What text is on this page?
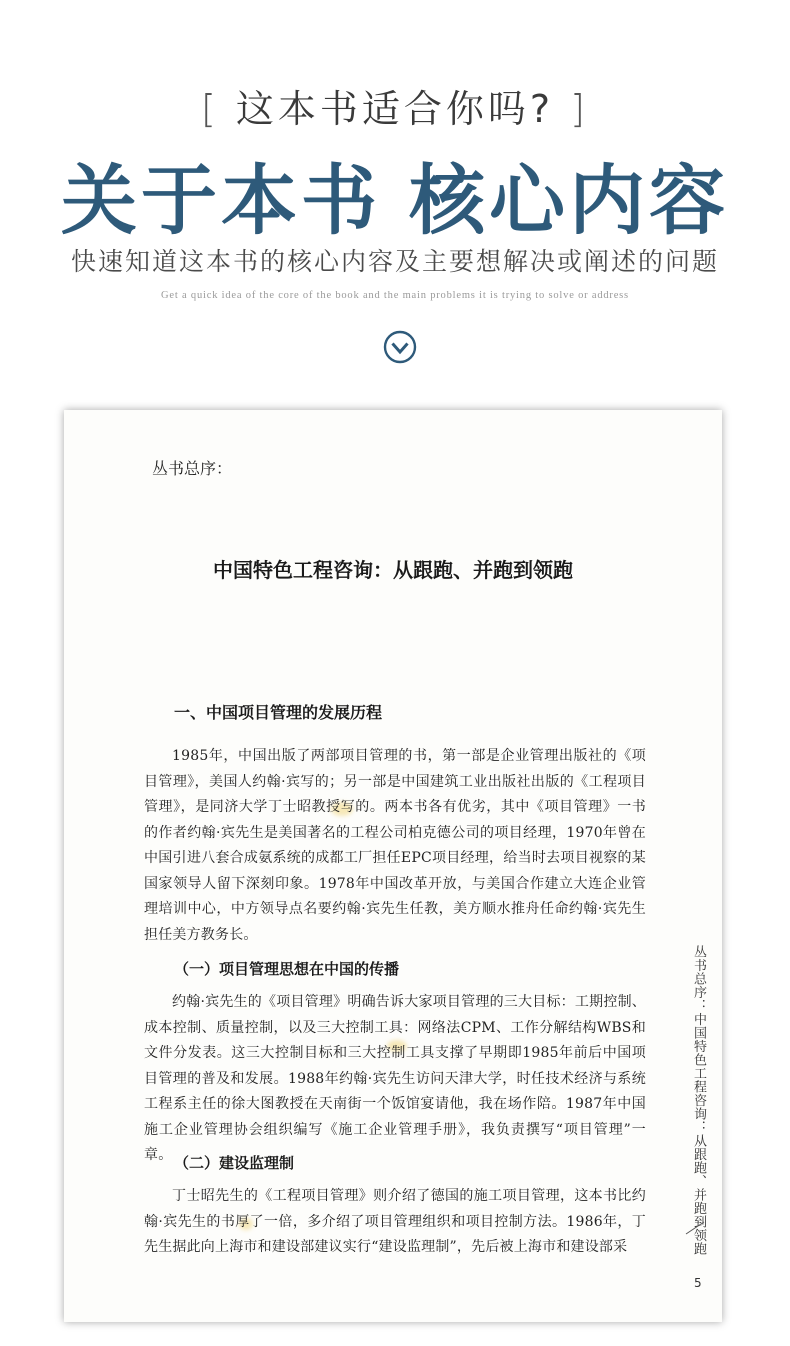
[ 这本书适合你吗? ]
关于本书 核心内容
快速知道这本书的核心内容及主要想解决或阐述的问题
Get a quick idea of the core of the book and the main problems it is trying to solve or address
丛书总序：
中国特色工程咨询：从跟跑、并跑到领跑
一、中国项目管理的发展历程

1985年，中国出版了两部项目管理的书，第一部是企业管理出版社的《项目管理》，美国人约翰·宾写的；另一部是中国建筑工业出版社出版的《工程项目管理》，是同济大学丁士昭教授写的。两本书各有优劣，其中《项目管理》一书的作者约翰·宾先生是美国著名的工程公司柏克德公司的项目经理，1970年曾在中国引进八套合成氨系统的成都工厂担任EPC项目经理，给当时去项目视察的某国家领导人留下深刻印象。1978年中国改革开放，与美国合作建立大连企业管理培训中心，中方领导点名要约翰·宾先生任教，美方顺水推舟任命约翰·宾先生担任美方教务长。

（一）项目管理思想在中国的传播

约翰·宾先生的《项目管理》明确告诉大家项目管理的三大目标：工期控制、成本控制、质量控制，以及三大控制工具：网络法CPM、工作分解结构WBS和文件分发表。这三大控制目标和三大控制工具支撑了早期即1985年前后中国项目管理的普及和发展。1988年约翰·宾先生访问天津大学，时任技术经济与系统工程系主任的徐大图教授在天南街一个饭馆宴请他，我在场作陪。1987年中国施工企业管理协会组织编写《施工企业管理手册》，我负责撰写“项目管理”一章。 （二）建设监理制

丁士昭先生的《工程项目管理》则介绍了德国的施工项目管理，这本书比约翰·宾先生的书厚了一倍，多介绍了项目管理组织和项目控制方法。1986年，丁先生据此向上海市和建设部建议实行“建设监理制”，先后被上海市和建设部采	丛书总序：中国特色工程咨询：从跟跑、并跑到领跑
5
